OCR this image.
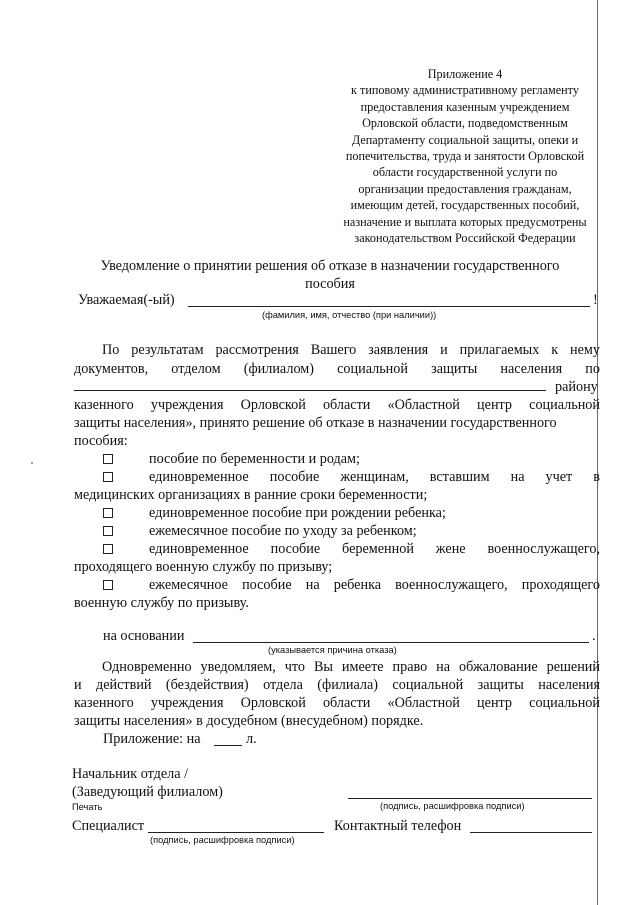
Приложение 4
к типовому административному регламенту
предоставления казенным учреждением
Орловской области, подведомственным
Департаменту социальной защиты, опеки и
попечительства, труда и занятости Орловской
области государственной услуги по
организации предоставления гражданам,
имеющим детей, государственных пособий,
назначение и выплата которых предусмотрены
законодательством Российской Федерации
Уведомление о принятии решения об отказе в назначении государственного
пособия
Уважаемая(-ый)	!
(фамилия, имя, отчество (при наличии))
По результатам рассмотрения Вашего заявления и прилагаемых к нему
документов, отделом (филиалом) социальной защиты населения по
району
казенного учреждения Орловской области «Областной центр социальной
защиты населения», принято решение об отказе в назначении государственного
пособия:
пособие по беременности и родам;
единовременное пособие женщинам, вставшим на учет в
медицинских организациях в ранние сроки беременности;
единовременное пособие при рождении ребенка;
ежемесячное пособие по уходу за ребенком;
единовременное пособие беременной жене военнослужащего,
проходящего военную службу по призыву;
ежемесячное пособие на ребенка военнослужащего, проходящего
военную службу по призыву.
на основании	.
(указывается причина отказа)
Одновременно уведомляем, что Вы имеете право на обжалование решений
и действий (бездействия) отдела (филиала) социальной защиты населения
казенного учреждения Орловской области «Областной центр социальной
защиты населения» в досудебном (внесудебном) порядке.
Приложение: на	л.
Начальник отдела /
(Заведующий филиалом)
Печать	(подпись, расшифровка подписи)
Специалист	Контактный телефон
(подпись, расшифровка подписи)
